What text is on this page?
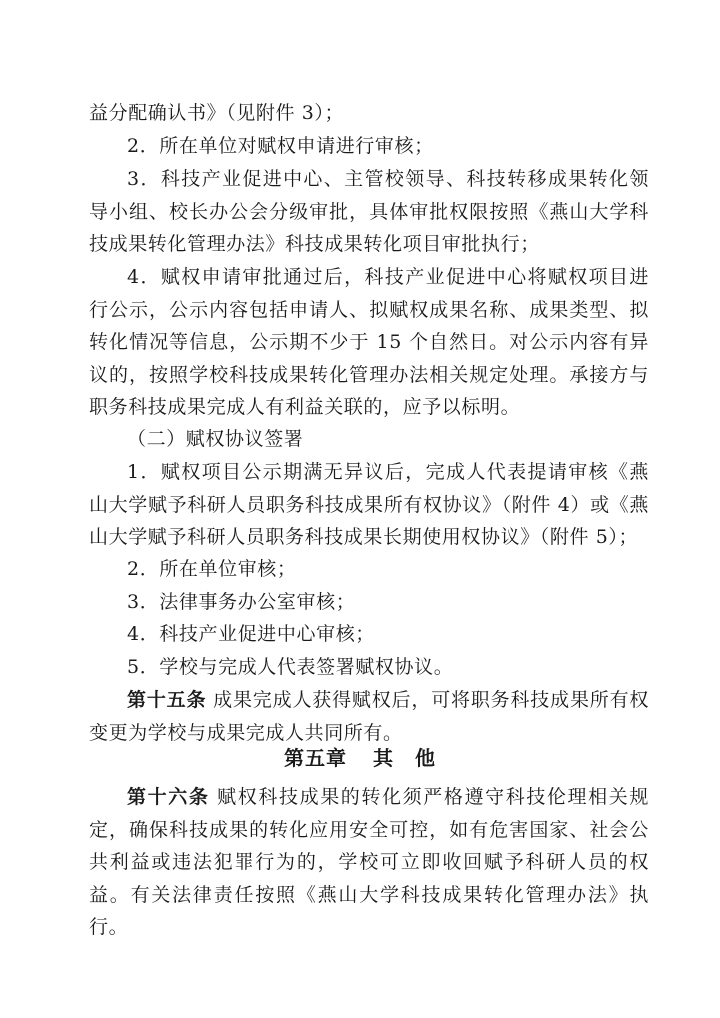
益分配确认书》（见附件 3）；

2．所在单位对赋权申请进行审核；

3．科技产业促进中心、主管校领导、科技转移成果转化领导小组、校长办公会分级审批，具体审批权限按照《燕山大学科技成果转化管理办法》科技成果转化项目审批执行；

4．赋权申请审批通过后，科技产业促进中心将赋权项目进行公示，公示内容包括申请人、拟赋权成果名称、成果类型、拟转化情况等信息，公示期不少于 15 个自然日。对公示内容有异议的，按照学校科技成果转化管理办法相关规定处理。承接方与职务科技成果完成人有利益关联的，应予以标明。

（二）赋权协议签署

1．赋权项目公示期满无异议后，完成人代表提请审核《燕山大学赋予科研人员职务科技成果所有权协议》（附件 4）或《燕山大学赋予科研人员职务科技成果长期使用权协议》（附件 5）；

2．所在单位审核；

3．法律事务办公室审核；

4．科技产业促进中心审核；

5．学校与完成人代表签署赋权协议。

第十五条 成果完成人获得赋权后，可将职务科技成果所有权变更为学校与成果完成人共同所有。

第五章 其　他

第十六条 赋权科技成果的转化须严格遵守科技伦理相关规定，确保科技成果的转化应用安全可控，如有危害国家、社会公共利益或违法犯罪行为的，学校可立即收回赋予科研人员的权益。有关法律责任按照《燕山大学科技成果转化管理办法》执行。
